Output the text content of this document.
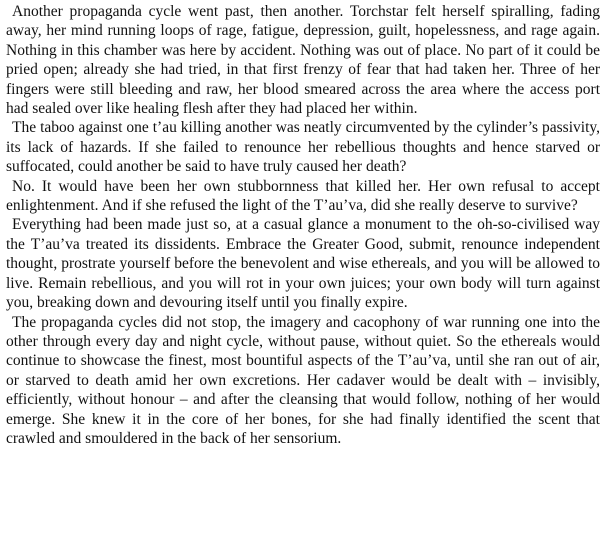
Another propaganda cycle went past, then another. Torchstar felt herself spiralling, fading away, her mind running loops of rage, fatigue, depression, guilt, hopelessness, and rage again. Nothing in this chamber was here by accident. Nothing was out of place. No part of it could be pried open; already she had tried, in that first frenzy of fear that had taken her. Three of her fingers were still bleeding and raw, her blood smeared across the area where the access port had sealed over like healing flesh after they had placed her within.

The taboo against one t’au killing another was neatly circumvented by the cylinder’s passivity, its lack of hazards. If she failed to renounce her rebellious thoughts and hence starved or suffocated, could another be said to have truly caused her death?

No. It would have been her own stubbornness that killed her. Her own refusal to accept enlightenment. And if she refused the light of the T’au’va, did she really deserve to survive?

Everything had been made just so, at a casual glance a monument to the oh-so-civilised way the T’au’va treated its dissidents. Embrace the Greater Good, submit, renounce independent thought, prostrate yourself before the benevolent and wise ethereals, and you will be allowed to live. Remain rebellious, and you will rot in your own juices; your own body will turn against you, breaking down and devouring itself until you finally expire.

The propaganda cycles did not stop, the imagery and cacophony of war running one into the other through every day and night cycle, without pause, without quiet. So the ethereals would continue to showcase the finest, most bountiful aspects of the T’au’va, until she ran out of air, or starved to death amid her own excretions. Her cadaver would be dealt with – invisibly, efficiently, without honour – and after the cleansing that would follow, nothing of her would emerge. She knew it in the core of her bones, for she had finally identified the scent that crawled and smouldered in the back of her sensorium.
